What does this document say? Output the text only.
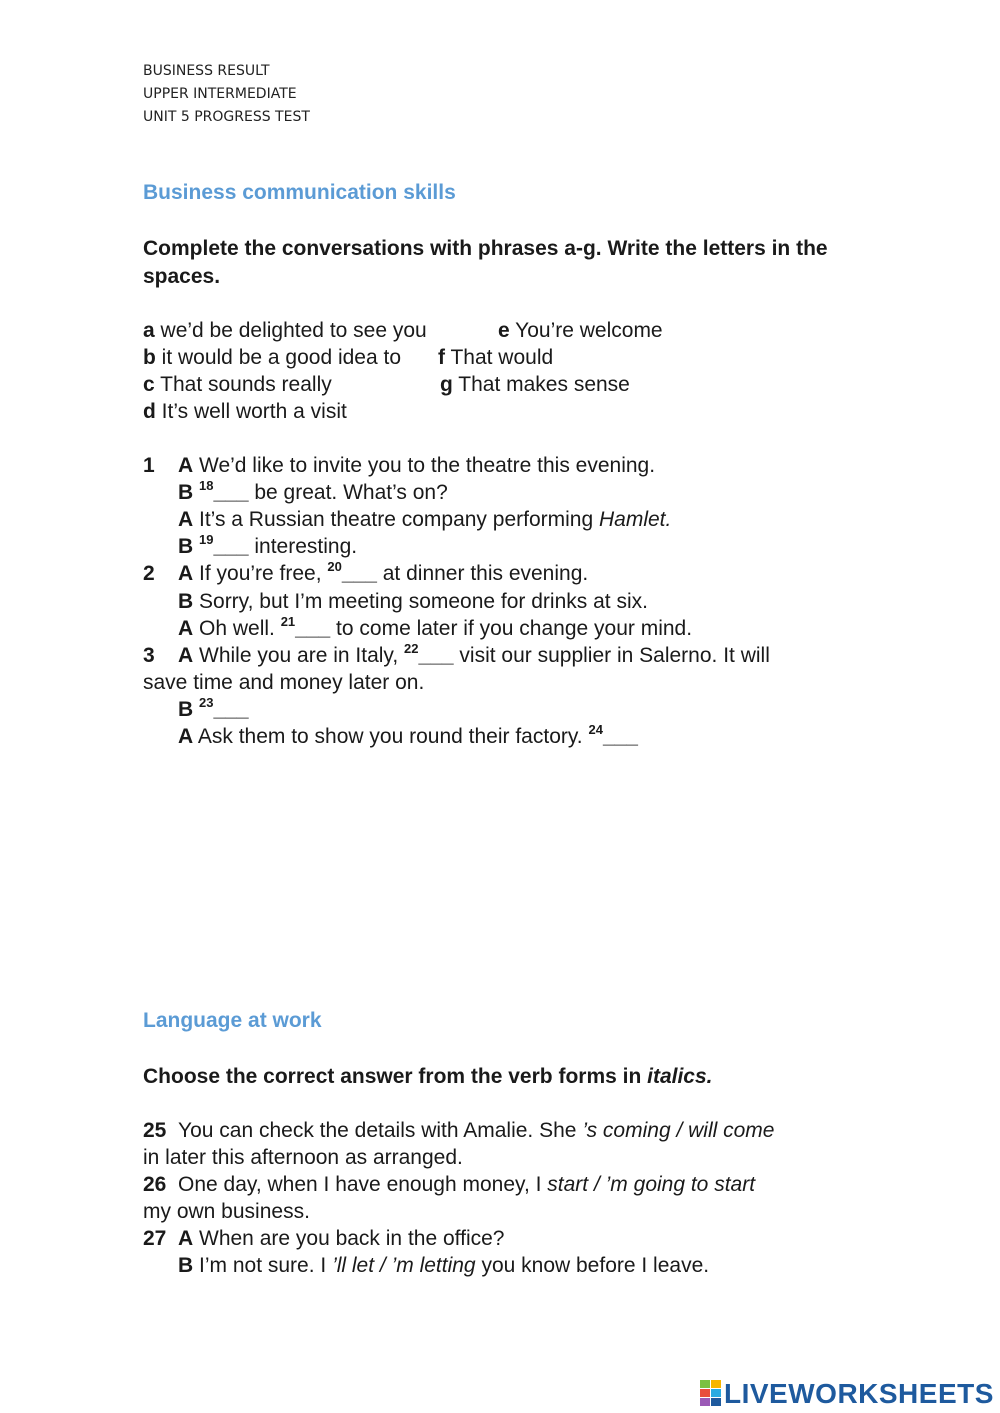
BUSINESS RESULT
UPPER INTERMEDIATE
UNIT 5 PROGRESS TEST
Business communication skills
Complete the conversations with phrases a-g. Write the letters in the spaces.
a we’d be delighted to see you	e You’re welcome
b it would be a good idea to f That would
c That sounds really	g That makes sense
d It’s well worth a visit
1 A We’d like to invite you to the theatre this evening.
B $^{18}$___ be great. What’s on?
A It’s a Russian theatre company performing Hamlet.
B $^{19}$___ interesting.
2 A If you’re free, $^{20}$___ at dinner this evening.
B Sorry, but I’m meeting someone for drinks at six.
A Oh well. $^{21}$___ to come later if you change your mind.
3 A While you are in Italy, $^{22}$___ visit our supplier in Salerno. It will
save time and money later on.
B $^{23}$___
A Ask them to show you round their factory. $^{24}$___
Language at work
Choose the correct answer from the verb forms in italics.
25 You can check the details with Amalie. She ’s coming / will come
in later this afternoon as arranged.
26 One day, when I have enough money, I start / ’m going to start
my own business.
27 A When are you back in the office?
B I’m not sure. I ’ll let / ’m letting you know before I leave.
LIVEWORKSHEETS
